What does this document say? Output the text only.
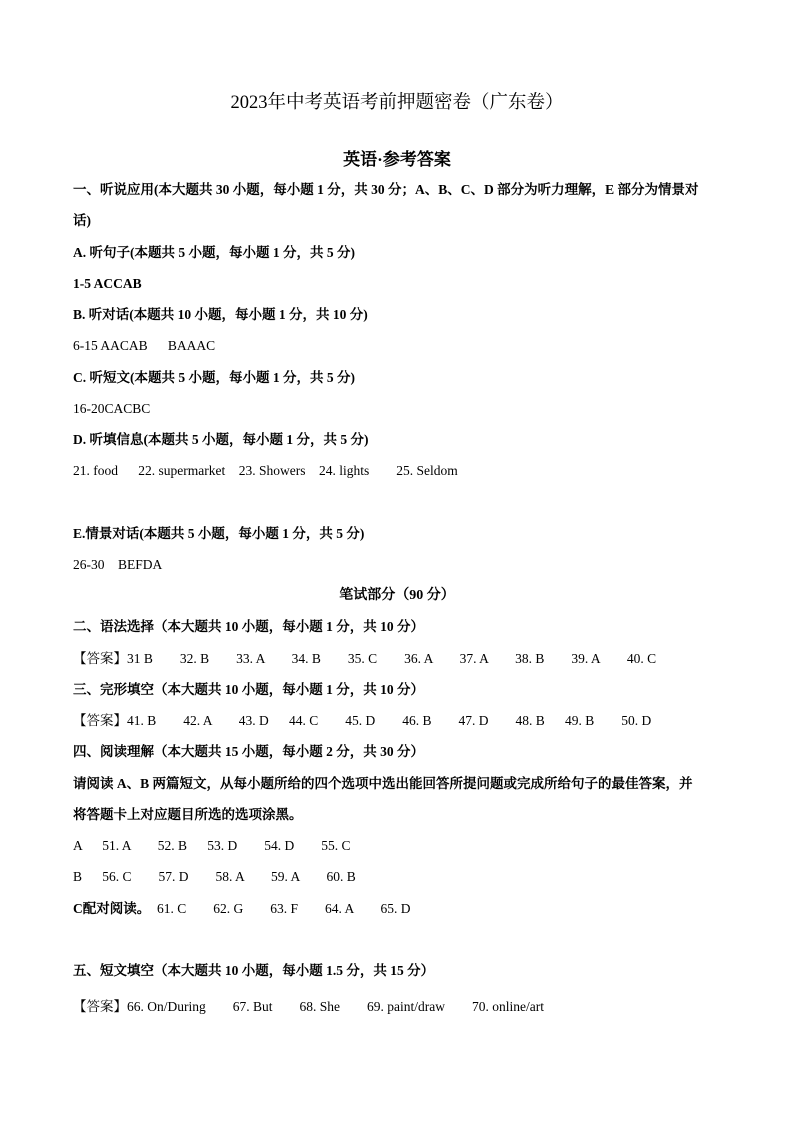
2023年中考英语考前押题密卷（广东卷）
英语·参考答案
一、听说应用(本大题共 30 小题，每小题 1 分，共 30 分；A、B、C、D 部分为听力理解，E 部分为情景对
话)
A. 听句子(本题共 5 小题，每小题 1 分，共 5 分)
1-5 ACCAB
B. 听对话(本题共 10 小题，每小题 1 分，共 10 分)
6-15 AACAB      BAAAC
C. 听短文(本题共 5 小题，每小题 1 分，共 5 分)
16-20CACBC
D. 听填信息(本题共 5 小题，每小题 1 分，共 5 分)
21. food      22. supermarket    23. Showers    24. lights        25. Seldom
E.情景对话(本题共 5 小题，每小题 1 分，共 5 分)
26-30    BEFDA
笔试部分（90 分）
二、语法选择（本大题共 10 小题，每小题 1 分，共 10 分）
【答案】31 B        32. B        33. A        34. B        35. C        36. A        37. A        38. B        39. A        40. C
三、完形填空（本大题共 10 小题，每小题 1 分，共 10 分）
【答案】41. B        42. A        43. D      44. C        45. D        46. B        47. D        48. B      49. B        50. D
四、阅读理解（本大题共 15 小题，每小题 2 分，共 30 分）
请阅读 A、B 两篇短文，从每小题所给的四个选项中选出能回答所提问题或完成所给句子的最佳答案，并
将答题卡上对应题目所选的选项涂黑。
A      51. A        52. B      53. D        54. D        55. C
B      56. C        57. D        58. A        59. A        60. B
C配对阅读。  61. C        62. G        63. F        64. A        65. D
五、短文填空（本大题共 10 小题，每小题 1.5 分，共 15 分）
【答案】66. On/During        67. But        68. She        69. paint/draw        70. online/art
